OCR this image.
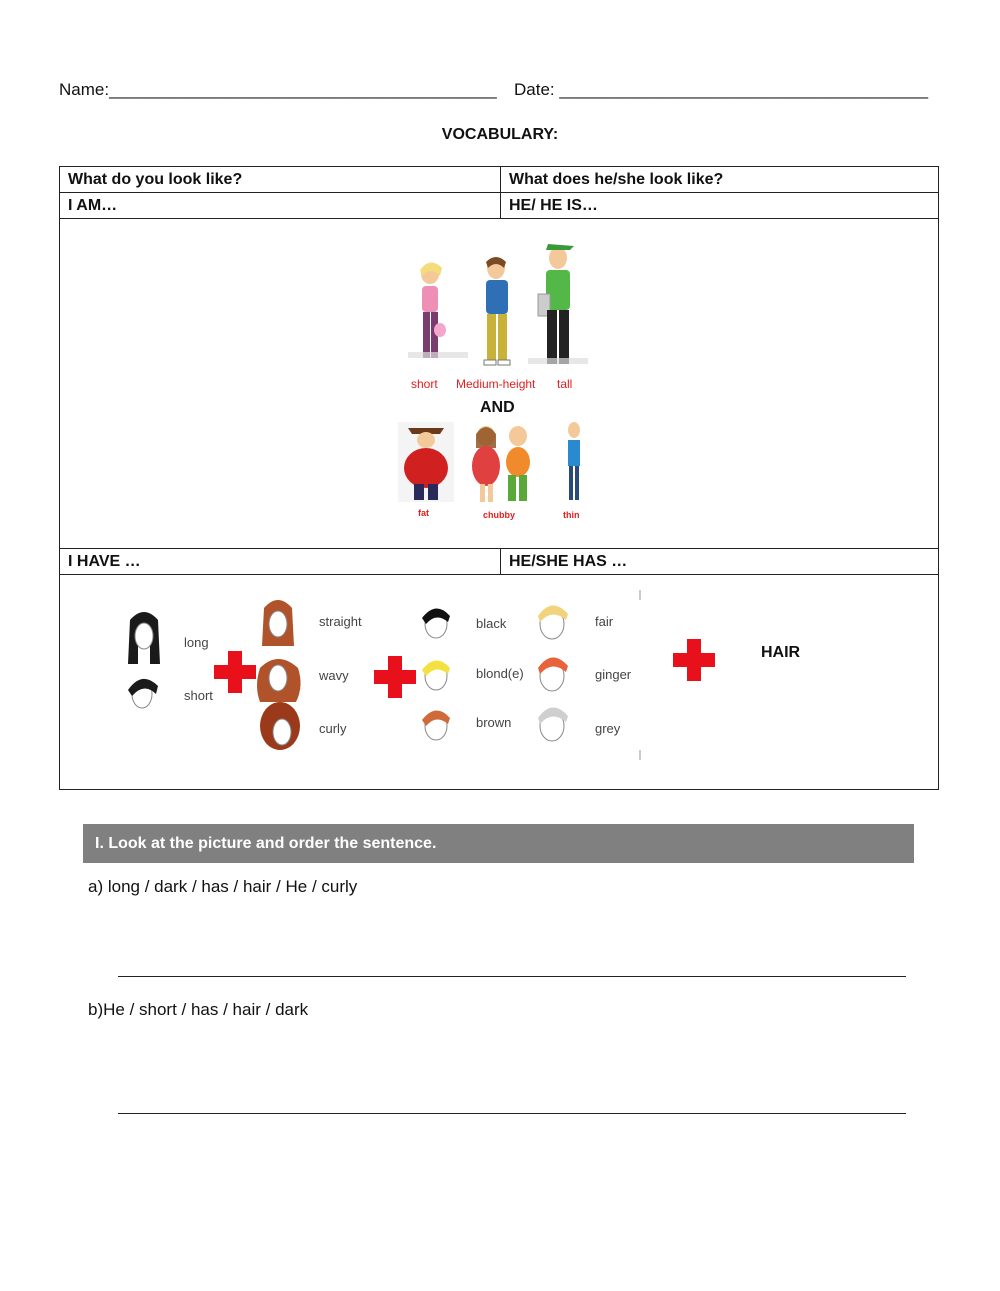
Name:_________________________________________ Date: _______________________________________
VOCABULARY:
What do you look like?	What does he/she look like?
I AM…	HE/ HE IS…

I HAVE …	HE/SHE HAS …

short Medium-height tall
AND
fat	chubby	thin
long
short
straight
wavy
curly
black
blond(e)
brown
fair
ginger
grey
HAIR
I. Look at the picture and order the sentence.
a) long / dark / has / hair / He / curly
b)He / short / has / hair / dark
